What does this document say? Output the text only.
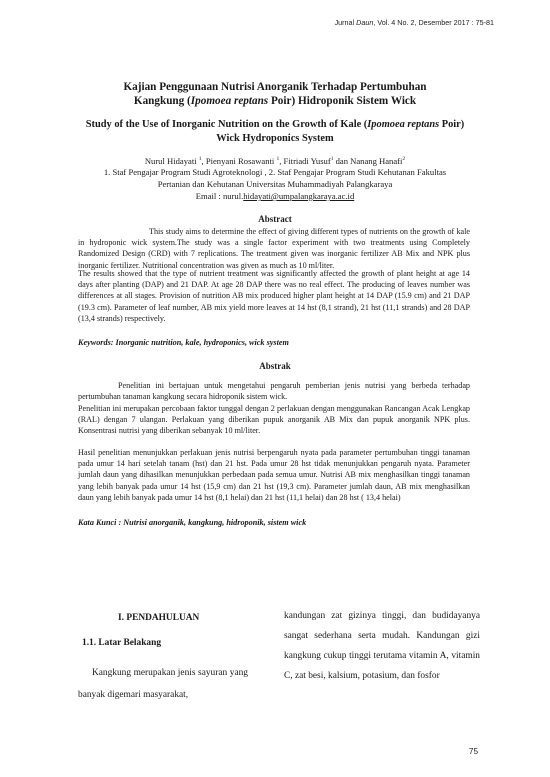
Jurnal Daun, Vol. 4 No. 2, Desember 2017 : 75-81
Kajian Penggunaan Nutrisi Anorganik Terhadap Pertumbuhan
Kangkung (Ipomoea reptans Poir) Hidroponik Sistem Wick
Study of the Use of Inorganic Nutrition on the Growth of Kale (Ipomoea reptans Poir)
Wick Hydroponics System
Nurul Hidayati $^1$, Pienyani Rosawanti $^1$, Fitriadi Yusuf$^1$ dan Nanang Hanafi$^2$
1. Staf Pengajar Program Studi Agroteknologi , 2. Staf Pengajar Program Studi Kehutanan Fakultas
Pertanian dan Kehutanan Universitas Muhammadiyah Palangkaraya
Email : nurul.hidayati@umpalangkaraya.ac.id
Abstract
This study aims to determine the effect of giving different types of nutrients on the growth of kale in hydroponic wick system.The study was a single factor experiment with two treatments using Completely Randomized Design (CRD) with 7 replications. The treatment given was inorganic fertilizer AB Mix and NPK plus inorganic fertilizer. Nutritional concentration was given as much as 10 ml/liter.
The results showed that the type of nutrient treatment was significantly affected the growth of plant height at age 14 days after planting (DAP) and 21 DAP. At age 28 DAP there was no real effect. The producing of leaves number was differences at all stages. Provision of nutrition AB mix produced higher plant height at 14 DAP (15.9 cm) and 21 DAP (19.3 cm). Parameter of leaf number, AB mix yield more leaves at 14 hst (8,1 strand), 21 hst (11,1 strands) and 28 DAP (13,4 strands) respectively.
Keywords: Inorganic nutrition, kale, hydroponics, wick system
Abstrak
Penelitian ini bertajuan untuk mengetahui pengaruh pemberian jenis nutrisi yang berbeda terhadap pertumbuhan tanaman kangkung secara hidroponik sistem wick.
Penelitian ini merupakan percobaan faktor tunggal dengan 2 perlakuan dengan menggunakan Rancangan Acak Lengkap (RAL) dengan 7 ulangan. Perlakuan yang diberikan pupuk anorganik AB Mix dan pupuk anorganik NPK plus. Konsentrasi nutrisi yang diberikan sebanyak 10 ml/liter.
Hasil penelitian menunjukkan perlakuan jenis nutrisi berpengaruh nyata pada parameter pertumbuhan tinggi tanaman pada umur 14 hari setelah tanam (hst) dan 21 hst. Pada umur 28 hst tidak menunjukkan pengaruh nyata. Parameter jumlah daun yang dihasilkan menunjukkan perbedaan pada semua umur. Nutrisi AB mix menghasilkan tinggi tanaman yang lebih banyak pada umur 14 hst (15,9 cm) dan 21 hst (19,3 cm). Parameter jumlah daun, AB mix menghasilkan daun yang lebih banyak pada umur 14 hst (8,1 helai) dan 21 hst (11,1 helai) dan 28 hst ( 13,4 helai)
Kata Kunci : Nutrisi anorganik, kangkung, hidroponik, sistem wick
I. PENDAHULUAN
1.1. Latar Belakang
Kangkung merupakan jenis sayuran yang banyak digemari masyarakat,
kandungan zat gizinya tinggi, dan budidayanya sangat sederhana serta mudah. Kandungan gizi kangkung cukup tinggi terutama vitamin A, vitamin C, zat besi, kalsium, potasium, dan fosfor
75
